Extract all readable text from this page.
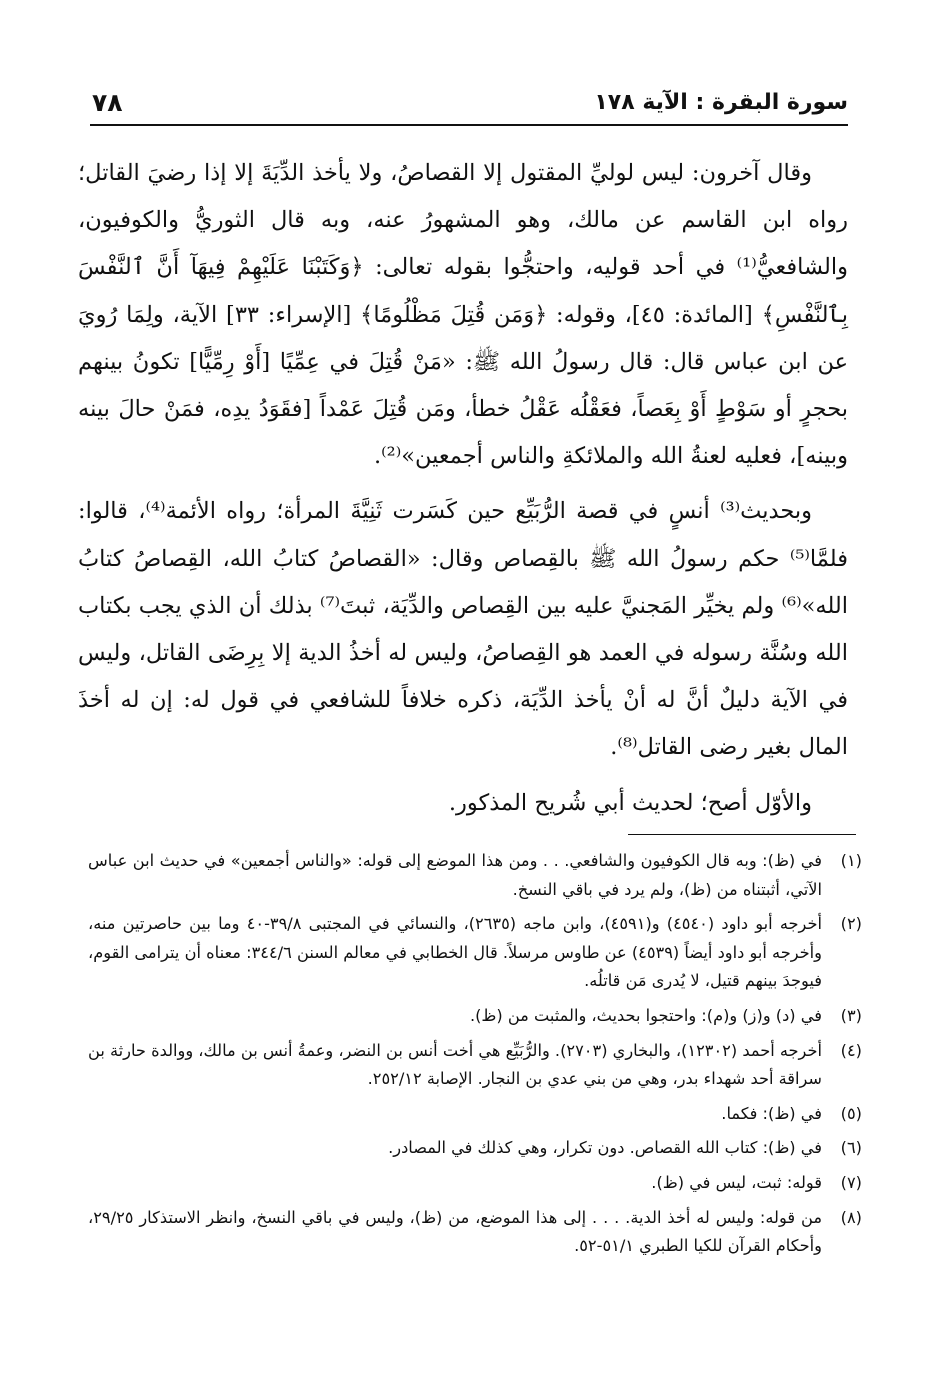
٧٨	سورة البقرة : الآية ١٧٨

وقال آخرون: ليس لوليِّ المقتول إلا القصاصُ، ولا يأخذ الدِّيَةَ إلا إذا رضيَ القاتل؛ رواه ابن القاسم عن مالك، وهو المشهورُ عنه، وبه قال الثوريُّ والكوفيون، والشافعيُّ⁽¹⁾ في أحد قوليه، واحتجُّوا بقوله تعالى: ﴿وَكَتَبْنَا عَلَيْهِمْ فِيهَآ أَنَّ ٱلنَّفْسَ بِٱلنَّفْسِ﴾ [المائدة: ٤٥]، وقوله: ﴿وَمَن قُتِلَ مَظْلُومًا﴾ [الإسراء: ٣٣] الآية، ولِمَا رُويَ عن ابن عباس قال: قال رسولُ الله ﷺ: «مَنْ قُتِلَ في عِمِّيًا [أَوْ رِمِّيًّا] تكونُ بينهم بحجرٍ أو سَوْطٍ أَوْ بِعَصاً، فعَقْلُه عَقْلُ خطأ، ومَن قُتِلَ عَمْداً [فقَوَدُ يدِه، فمَنْ حالَ بينه وبينه]، فعليه لعنةُ الله والملائكةِ والناس أجمعين»⁽²⁾.

وبحديث⁽³⁾ أنسٍ في قصة الرُّبَيِّع حين كَسَرت ثَنِيَّةَ المرأة؛ رواه الأئمة⁽⁴⁾، قالوا: فلمَّا⁽⁵⁾ حكم رسولُ الله ﷺ بالقِصاص وقال: «القصاصُ كتابُ الله، القِصاصُ كتابُ الله»⁽⁶⁾ ولم يخيِّر المَجنيَّ عليه بين القِصاص والدِّيَة، ثبتَ⁽⁷⁾ بذلك أن الذي يجب بكتاب الله وسُنَّة رسوله في العمد هو القِصاصُ، وليس له أخذُ الدية إلا بِرِضَى القاتل، وليس في الآية دليلٌ أنَّ له أنْ يأخذ الدِّيَة، ذكره خلافاً للشافعي في قول له: إن له أخذَ المال بغير رضى القاتل⁽⁸⁾.

والأوّل أصح؛ لحديث أبي شُريح المذكور.

(١)
في (ظ): وبه قال الكوفيون والشافعي. . . ومن هذا الموضع إلى قوله: «والناس أجمعين» في حديث ابن عباس الآتي، أثبتناه من (ظ)، ولم يرد في باقي النسخ.
(٢)
أخرجه أبو داود (٤٥٤٠) و(٤٥٩١)، وابن ماجه (٢٦٣٥)، والنسائي في المجتبى ٣٩/٨-٤٠ وما بين حاصرتين منه، وأخرجه أبو داود أيضاً (٤٥٣٩) عن طاوس مرسلاً. قال الخطابي في معالم السنن ٣٤٤/٦: معناه أن يترامى القوم، فيوجدَ بينهم قتيل، لا يُدرى مَن قاتلُه.
(٣)
في (د) و(ز) و(م): واحتجوا بحديث، والمثبت من (ظ).
(٤)
أخرجه أحمد (١٢٣٠٢)، والبخاري (٢٧٠٣). والرُّبَيِّع هي أخت أنس بن النضر، وعمةُ أنس بن مالك، ووالدة حارثة بن سراقة أحد شهداء بدر، وهي من بني عدي بن النجار. الإصابة ٢٥٢/١٢.
(٥)
في (ظ): فكما.
(٦)
في (ظ): كتاب الله القصاص. دون تكرار، وهي كذلك في المصادر.
(٧)
قوله: ثبت، ليس في (ظ).
(٨)
من قوله: وليس له أخذ الدية. . . . إلى هذا الموضع، من (ظ)، وليس في باقي النسخ، وانظر الاستذكار ٢٩/٢٥، وأحكام القرآن للكيا الطبري ٥١/١-٥٢.
